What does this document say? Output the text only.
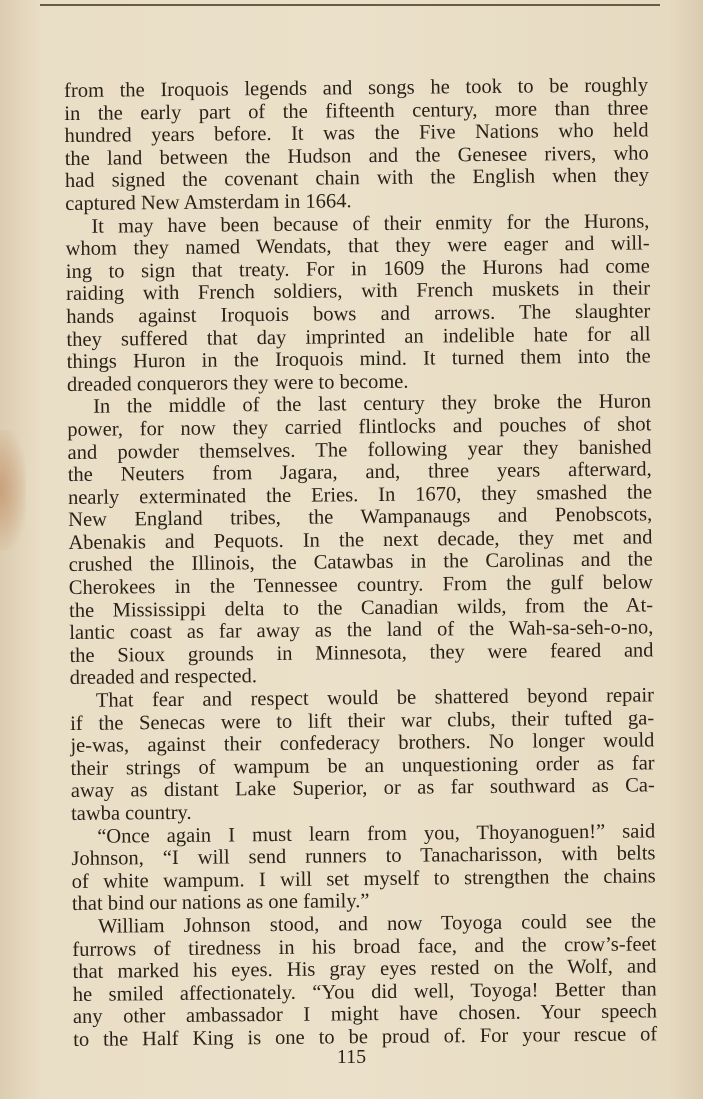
from the Iroquois legends and songs he took to be roughly
in the early part of the fifteenth century, more than three
hundred years before. It was the Five Nations who held
the land between the Hudson and the Genesee rivers, who
had signed the covenant chain with the English when they
captured New Amsterdam in 1664.
It may have been because of their enmity for the Hurons,
whom they named Wendats, that they were eager and will-
ing to sign that treaty. For in 1609 the Hurons had come
raiding with French soldiers, with French muskets in their
hands against Iroquois bows and arrows. The slaughter
they suffered that day imprinted an indelible hate for all
things Huron in the Iroquois mind. It turned them into the
dreaded conquerors they were to become.
In the middle of the last century they broke the Huron
power, for now they carried flintlocks and pouches of shot
and powder themselves. The following year they banished
the Neuters from Jagara, and, three years afterward,
nearly exterminated the Eries. In 1670, they smashed the
New England tribes, the Wampanaugs and Penobscots,
Abenakis and Pequots. In the next decade, they met and
crushed the Illinois, the Catawbas in the Carolinas and the
Cherokees in the Tennessee country. From the gulf below
the Mississippi delta to the Canadian wilds, from the At-
lantic coast as far away as the land of the Wah-sa-seh-o-no,
the Sioux grounds in Minnesota, they were feared and
dreaded and respected.
That fear and respect would be shattered beyond repair
if the Senecas were to lift their war clubs, their tufted ga-
je-was, against their confederacy brothers. No longer would
their strings of wampum be an unquestioning order as far
away as distant Lake Superior, or as far southward as Ca-
tawba country.
“Once again I must learn from you, Thoyanoguen!” said
Johnson, “I will send runners to Tanacharisson, with belts
of white wampum. I will set myself to strengthen the chains
that bind our nations as one family.”
William Johnson stood, and now Toyoga could see the
furrows of tiredness in his broad face, and the crow’s-feet
that marked his eyes. His gray eyes rested on the Wolf, and
he smiled affectionately. “You did well, Toyoga! Better than
any other ambassador I might have chosen. Your speech
to the Half King is one to be proud of. For your rescue of
115
